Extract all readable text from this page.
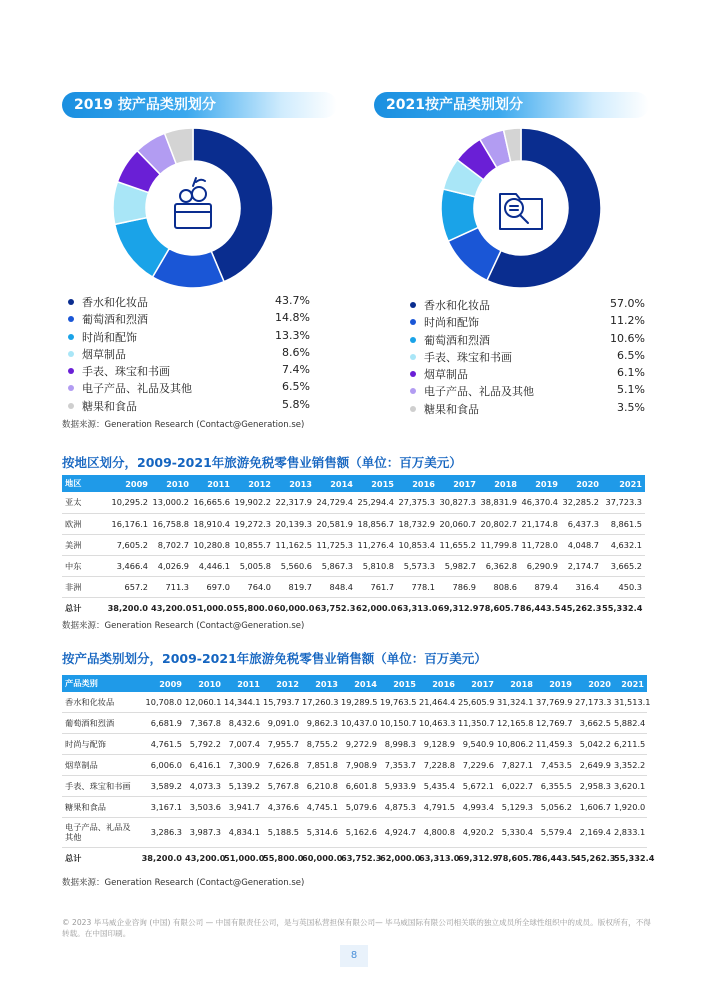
2019 按产品类别划分
香水和化妆品	43.7%
葡萄酒和烈酒	14.8%
时尚和配饰	13.3%
烟草制品	8.6%
手表、珠宝和书画	7.4%
电子产品、礼品及其他	6.5%
糖果和食品	5.8%
数据来源：Generation Research (Contact@Generation.se)
2021按产品类别划分
香水和化妆品	57.0%
时尚和配饰	11.2%
葡萄酒和烈酒	10.6%
手表、珠宝和书画	6.5%
烟草制品	6.1%
电子产品、礼品及其他	5.1%
糖果和食品	3.5%
按地区划分，2009-2021年旅游免税零售业销售额（单位：百万美元）
地区	2009	2010	2011	2012	2013	2014	2015	2016	2017	2018	2019	2020	2021
亚太	10,295.2	13,000.2	16,665.6	19,902.2	22,317.9	24,729.4	25,294.4	27,375.3	30,827.3	38,831.9	46,370.4	32,285.2	37,723.3
欧洲	16,176.1	16,758.8	18,910.4	19,272.3	20,139.3	20,581.9	18,856.7	18,732.9	20,060.7	20,802.7	21,174.8	6,437.3	8,861.5
美洲	7,605.2	8,702.7	10,280.8	10,855.7	11,162.5	11,725.3	11,276.4	10,853.4	11,655.2	11,799.8	11,728.0	4,048.7	4,632.1
中东	3,466.4	4,026.9	4,446.1	5,005.8	5,560.6	5,867.3	5,810.8	5,573.3	5,982.7	6,362.8	6,290.9	2,174.7	3,665.2
非洲	657.2	711.3	697.0	764.0	819.7	848.4	761.7	778.1	786.9	808.6	879.4	316.4	450.3
总计	38,200.0	43,200.0	51,000.0	55,800.0	60,000.0	63,752.3	62,000.0	63,313.0	69,312.9	78,605.7	86,443.5	45,262.3	55,332.4
数据来源：Generation Research (Contact@Generation.se)
按产品类别划分，2009-2021年旅游免税零售业销售额（单位：百万美元）
产品类别	2009	2010	2011	2012	2013	2014	2015	2016	2017	2018	2019	2020	2021
香水和化妆品	10,708.0	12,060.1	14,344.1	15,793.7	17,260.3	19,289.5	19,763.5	21,464.4	25,605.9	31,324.1	37,769.9	27,173.3	31,513.1
葡萄酒和烈酒	6,681.9	7,367.8	8,432.6	9,091.0	9,862.3	10,437.0	10,150.7	10,463.3	11,350.7	12,165.8	12,769.7	3,662.5	5,882.4
时尚与配饰	4,761.5	5,792.2	7,007.4	7,955.7	8,755.2	9,272.9	8,998.3	9,128.9	9,540.9	10,806.2	11,459.3	5,042.2	6,211.5
烟草制品	6,006.0	6,416.1	7,300.9	7,626.8	7,851.8	7,908.9	7,353.7	7,228.8	7,229.6	7,827.1	7,453.5	2,649.9	3,352.2
手表、珠宝和书画	3,589.2	4,073.3	5,139.2	5,767.8	6,210.8	6,601.8	5,933.9	5,435.4	5,672.1	6,022.7	6,355.5	2,958.3	3,620.1
糖果和食品	3,167.1	3,503.6	3,941.7	4,376.6	4,745.1	5,079.6	4,875.3	4,791.5	4,993.4	5,129.3	5,056.2	1,606.7	1,920.0
电子产品、礼品及其他	3,286.3	3,987.3	4,834.1	5,188.5	5,314.6	5,162.6	4,924.7	4,800.8	4,920.2	5,330.4	5,579.4	2,169.4	2,833.1
总计	38,200.0	43,200.0	51,000.0	55,800.0	60,000.0	63,752.3	62,000.0	63,313.0	69,312.9	78,605.7	86,443.5	45,262.3	55,332.4
数据来源：Generation Research (Contact@Generation.se)
© 2023 毕马威企业咨询 (中国) 有限公司 — 中国有限责任公司，是与英国私营担保有限公司— 毕马威国际有限公司相关联的独立成员所全球性组织中的成员。版权所有，不得转载。在中国印刷。
8
